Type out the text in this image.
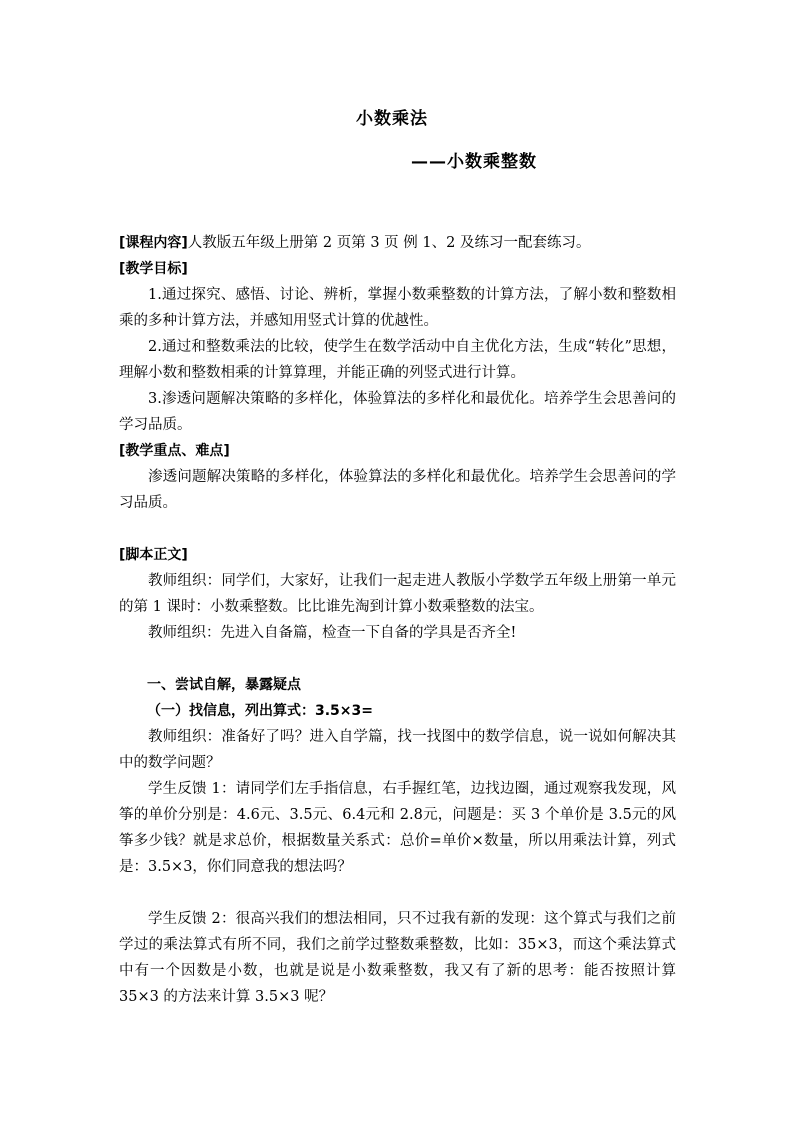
小数乘法
——小数乘整数

[课程内容]人教版五年级上册第 2 页第 3 页 例 1、2 及练习一配套练习。

[教学目标]

1.通过探究、感悟、讨论、辨析，掌握小数乘整数的计算方法，了解小数和整数相乘的多种计算方法，并感知用竖式计算的优越性。

2.通过和整数乘法的比较，使学生在数学活动中自主优化方法，生成“转化”思想，理解小数和整数相乘的计算算理，并能正确的列竖式进行计算。

3.渗透问题解决策略的多样化，体验算法的多样化和最优化。培养学生会思善问的学习品质。

[教学重点、难点]

渗透问题解决策略的多样化，体验算法的多样化和最优化。培养学生会思善问的学习品质。

[脚本正文]

教师组织：同学们，大家好，让我们一起走进人教版小学数学五年级上册第一单元的第 1 课时：小数乘整数。比比谁先淘到计算小数乘整数的法宝。

教师组织：先进入自备篇，检查一下自备的学具是否齐全!

一、尝试自解，暴露疑点

（一）找信息，列出算式：3.5×3=

教师组织：准备好了吗？进入自学篇，找一找图中的数学信息，说一说如何解决其中的数学问题？

学生反馈 1：请同学们左手指信息，右手握红笔，边找边圈，通过观察我发现，风筝的单价分别是：4.6元、3.5元、6.4元和 2.8元，问题是：买 3 个单价是 3.5元的风筝多少钱？就是求总价，根据数量关系式：总价=单价×数量，所以用乘法计算，列式是：3.5×3，你们同意我的想法吗？

学生反馈 2：很高兴我们的想法相同，只不过我有新的发现：这个算式与我们之前学过的乘法算式有所不同，我们之前学过整数乘整数，比如：35×3，而这个乘法算式中有一个因数是小数，也就是说是小数乘整数，我又有了新的思考：能否按照计算 35×3 的方法来计算 3.5×3 呢？
